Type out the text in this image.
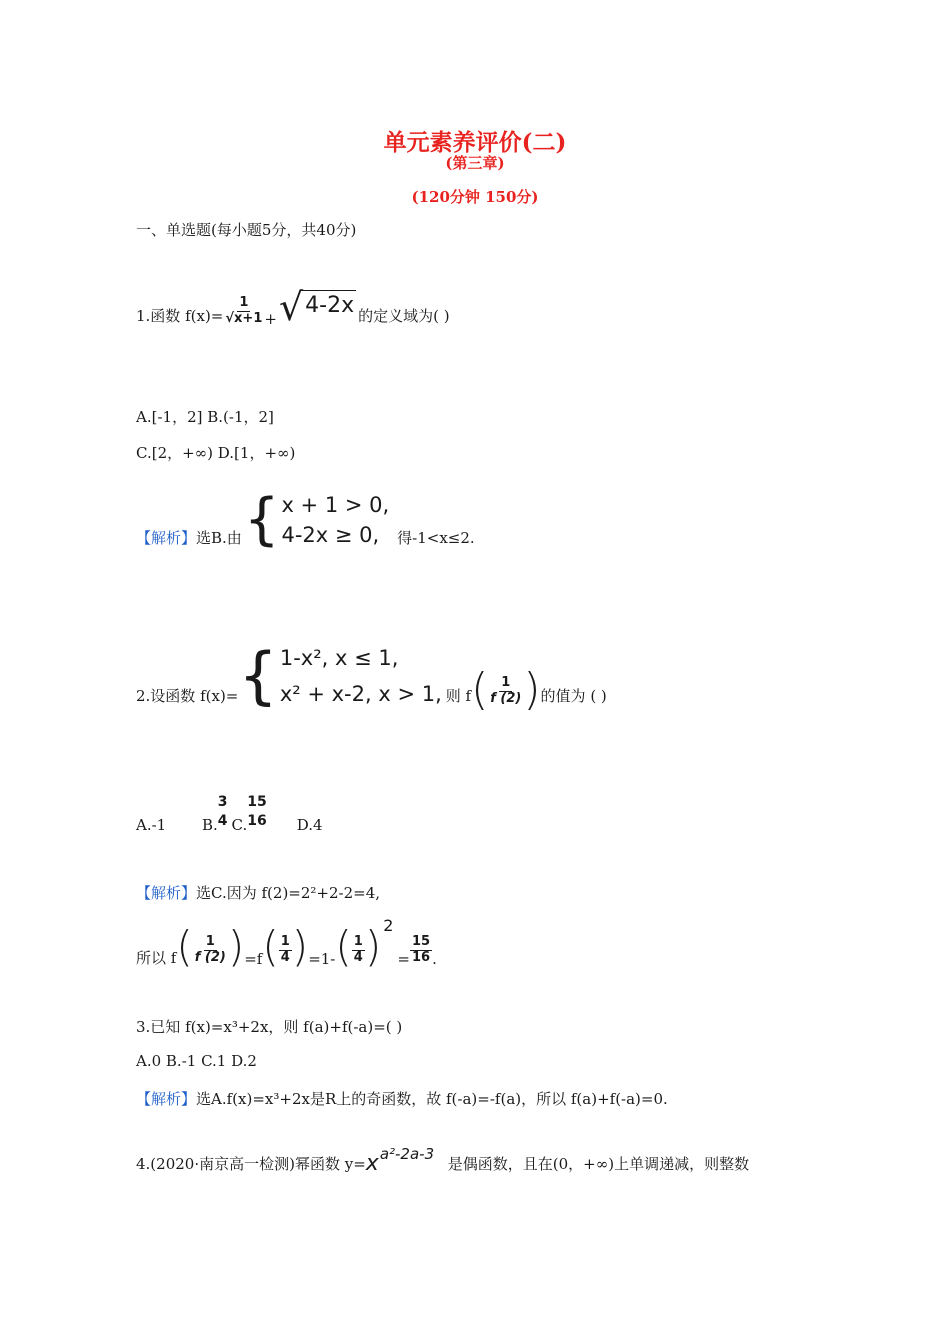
单元素养评价(二)
(第三章)
(120分钟 150分)
一、单选题(每小题5分，共40分)
1.函数 $f(x)= \frac{1}{√x+1}$ + √ 4-2x 的定义域为( )
A.[-1，2] B.(-1，2]
C.[2，+∞) D.[1，+∞)
【解析】 选B.由 { x + 1 > 0,
4-2x ≥ 0,	得-1<x≤2.
2.设函数 f(x)= { 1-x², x ≤ 1,
x² + x-2, x > 1, 则 f ( $\frac{1}{f (2)}$ ) 的值为 ( )
A.-1	B.
3
4 C.
15
16 D.4
【解析】 选C.因为 f(2)=2²+2-2=4,
所以 f ( $\frac{1}{f (2)}$ ) =f ( $\frac{1}{4}$ ) =1- ( $\frac{1}{4}$ ) 2
= $\frac{15}{16}$ .
3.已知 f(x)=x³+2x，则 f(a)+f(-a)=( )
A.0 B.-1 C.1 D.2
【解析】 选A.f(x)=x³+2x是R上的奇函数，故 f(-a)=-f(a)，所以 f(a)+f(-a)=0.
4.(2020·南京高一检测)幂函数 y= x a²-2a-3
是偶函数，且在(0，+∞)上单调递减，则整数
